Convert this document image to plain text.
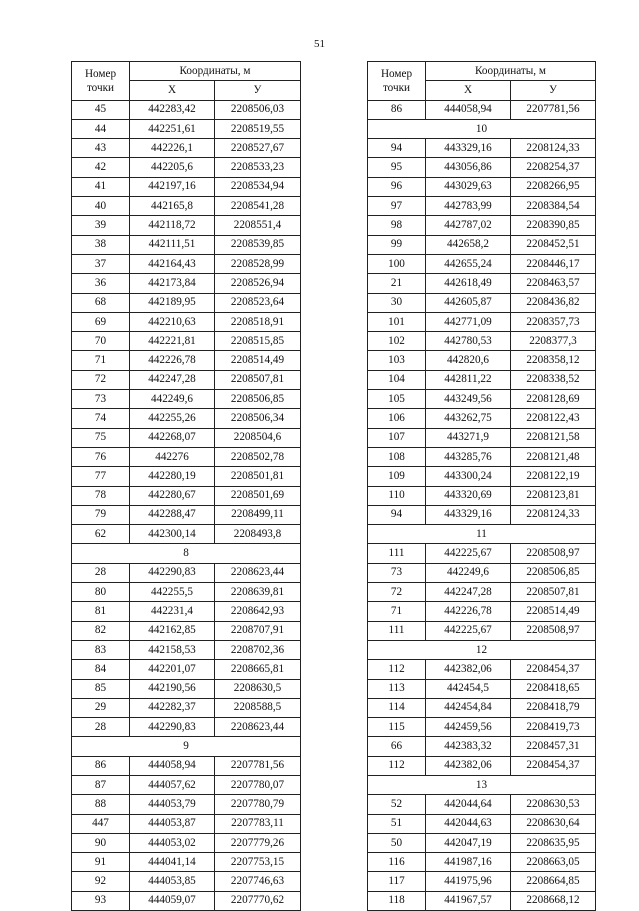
51
Номер точки	Координаты, м	
	X	У
45	442283,42	2208506,03
44	442251,61	2208519,55
43	442226,1	2208527,67
42	442205,6	2208533,23
41	442197,16	2208534,94
40	442165,8	2208541,28
39	442118,72	2208551,4
38	442111,51	2208539,85
37	442164,43	2208528,99
36	442173,84	2208526,94
68	442189,95	2208523,64
69	442210,63	2208518,91
70	442221,81	2208515,85
71	442226,78	2208514,49
72	442247,28	2208507,81
73	442249,6	2208506,85
74	442255,26	2208506,34
75	442268,07	2208504,6
76	442276	2208502,78
77	442280,19	2208501,81
78	442280,67	2208501,69
79	442288,47	2208499,11
62	442300,14	2208493,8
8		
28	442290,83	2208623,44
80	442255,5	2208639,81
81	442231,4	2208642,93
82	442162,85	2208707,91
83	442158,53	2208702,36
84	442201,07	2208665,81
85	442190,56	2208630,5
29	442282,37	2208588,5
28	442290,83	2208623,44
9		
86	444058,94	2207781,56
87	444057,62	2207780,07
88	444053,79	2207780,79
447	444053,87	2207783,11
90	444053,02	2207779,26
91	444041,14	2207753,15
92	444053,85	2207746,63
93	444059,07	2207770,62
Номер точки	Координаты, м	
	X	У
86	444058,94	2207781,56
10		
94	443329,16	2208124,33
95	443056,86	2208254,37
96	443029,63	2208266,95
97	442783,99	2208384,54
98	442787,02	2208390,85
99	442658,2	2208452,51
100	442655,24	2208446,17
21	442618,49	2208463,57
30	442605,87	2208436,82
101	442771,09	2208357,73
102	442780,53	2208377,3
103	442820,6	2208358,12
104	442811,22	2208338,52
105	443249,56	2208128,69
106	443262,75	2208122,43
107	443271,9	2208121,58
108	443285,76	2208121,48
109	443300,24	2208122,19
110	443320,69	2208123,81
94	443329,16	2208124,33
11		
111	442225,67	2208508,97
73	442249,6	2208506,85
72	442247,28	2208507,81
71	442226,78	2208514,49
111	442225,67	2208508,97
12		
112	442382,06	2208454,37
113	442454,5	2208418,65
114	442454,84	2208418,79
115	442459,56	2208419,73
66	442383,32	2208457,31
112	442382,06	2208454,37
13		
52	442044,64	2208630,53
51	442044,63	2208630,64
50	442047,19	2208635,95
116	441987,16	2208663,05
117	441975,96	2208664,85
118	441967,57	2208668,12
